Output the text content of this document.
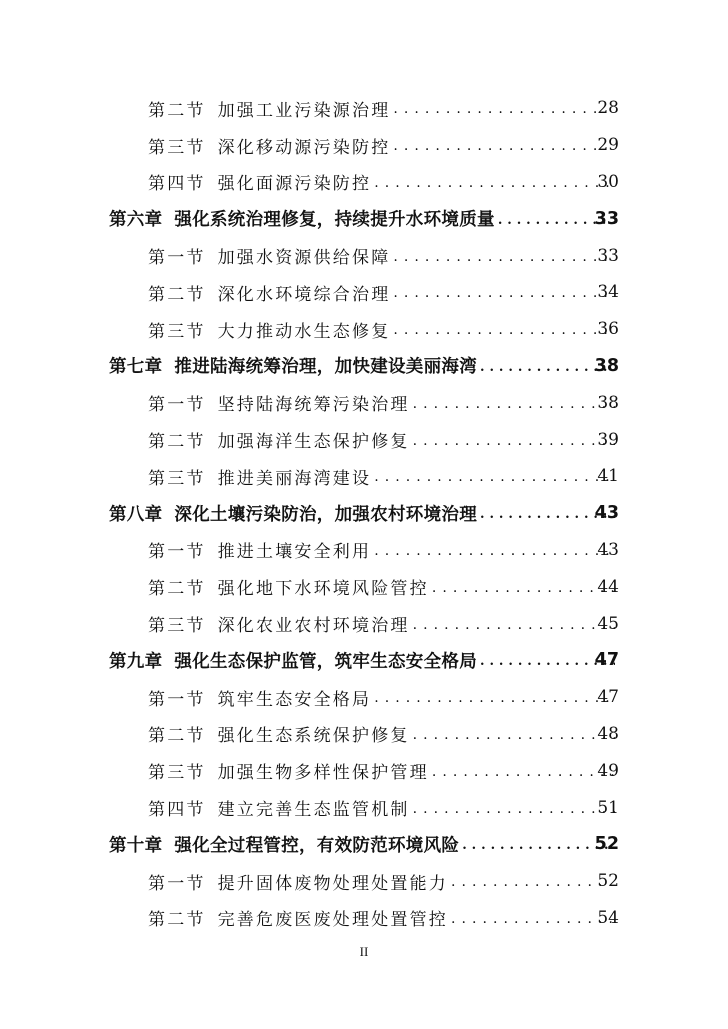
第二节 加强工业污染源治理 . . .	28
第三节 深化移动源污染防控 . . .	29
第四节 强化面源污染防控 . . .	30
第六章 强化系统治理修复，持续提升水环境质量 . . .	33
第一节 加强水资源供给保障 . . .	33
第二节 深化水环境综合治理 . . .	34
第三节 大力推动水生态修复 . . .	36
第七章 推进陆海统筹治理，加快建设美丽海湾 . . .	38
第一节 坚持陆海统筹污染治理 . . .	38
第二节 加强海洋生态保护修复 . . .	39
第三节 推进美丽海湾建设 . . .	41
第八章 深化土壤污染防治，加强农村环境治理 . . .	43
第一节 推进土壤安全利用 . . .	43
第二节 强化地下水环境风险管控 . . .	44
第三节 深化农业农村环境治理 . . .	45
第九章 强化生态保护监管，筑牢生态安全格局 . . .	47
第一节 筑牢生态安全格局 . . .	47
第二节 强化生态系统保护修复 . . .	48
第三节 加强生物多样性保护管理 . . .	49
第四节 建立完善生态监管机制 . . .	51
第十章 强化全过程管控，有效防范环境风险 . . .	52
第一节 提升固体废物处理处置能力 . . .	52
第二节 完善危废医废处理处置管控 . . .	54
II
